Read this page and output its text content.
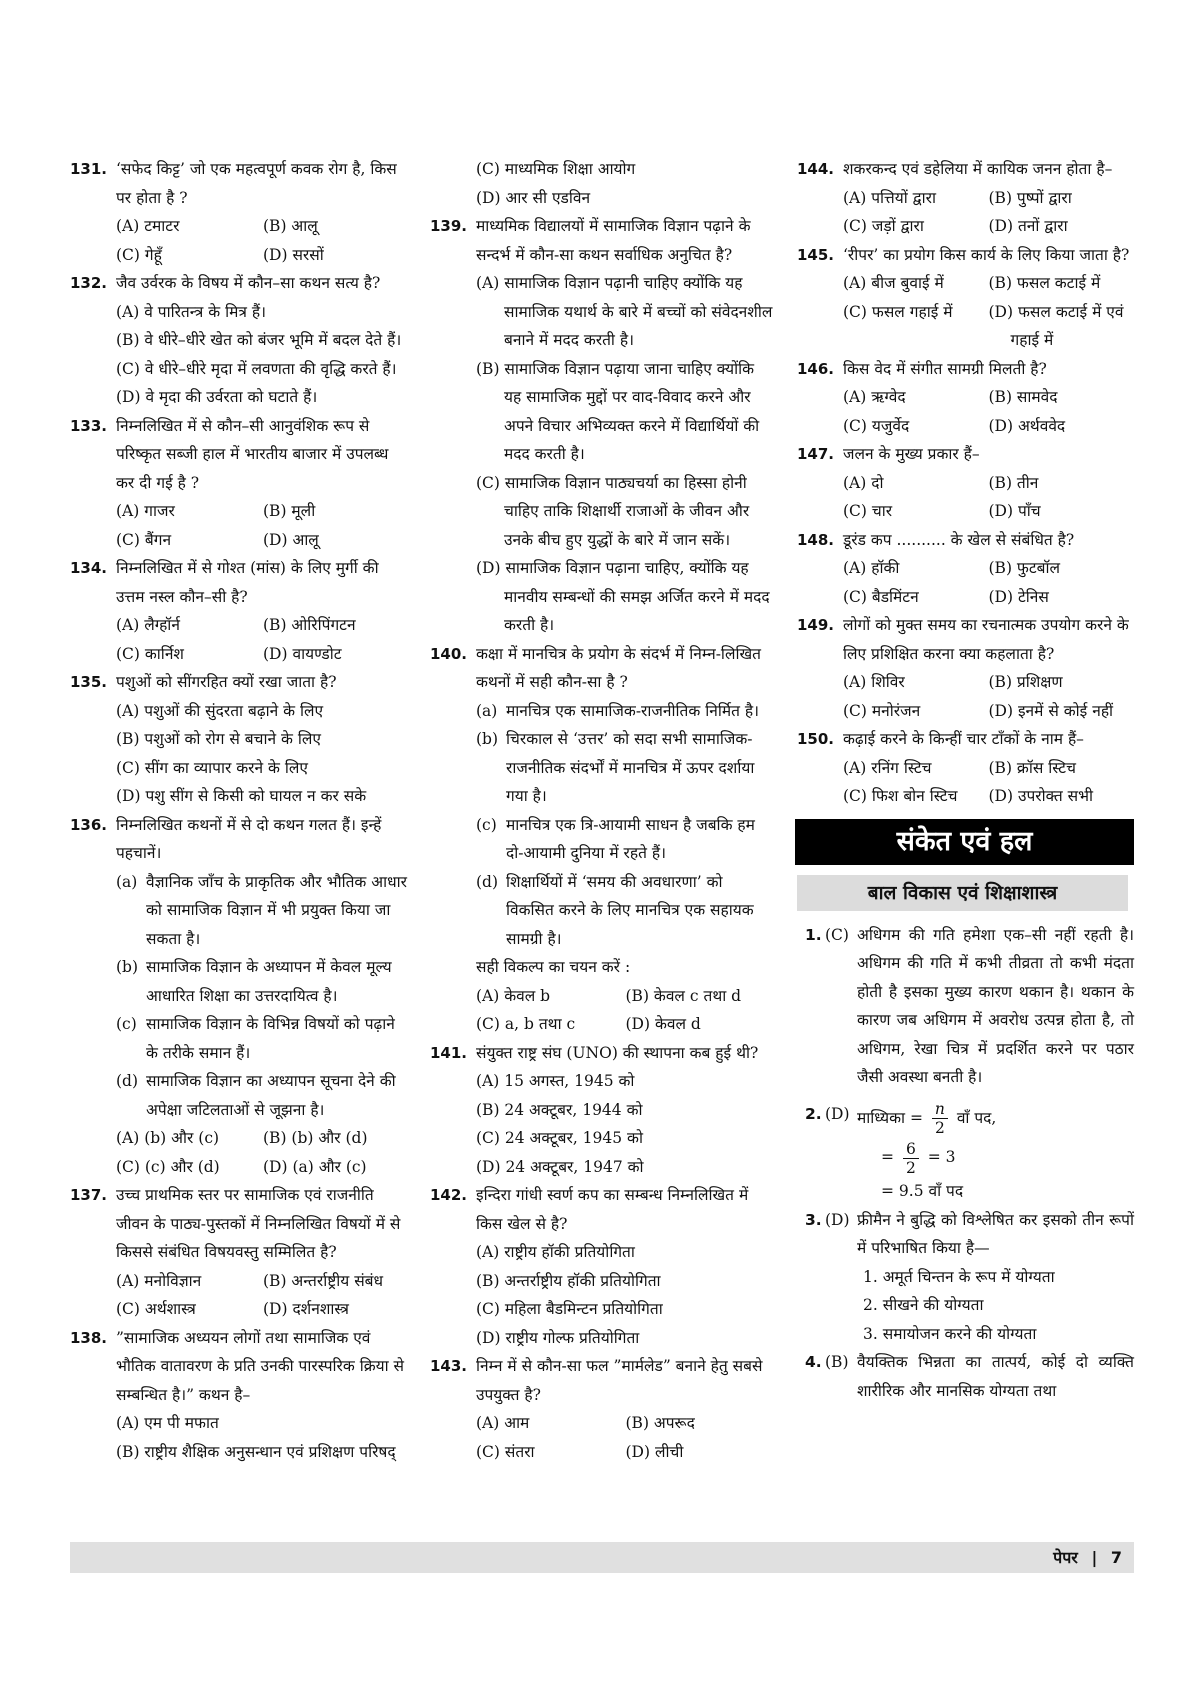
131. ‘सफेद किट्ट’ जो एक महत्वपूर्ण कवक रोग है, किस पर होता है ?
(A) टमाटर	(B) आलू
(C) गेहूँ	(D) सरसों
132. जैव उर्वरक के विषय में कौन–सा कथन सत्य है?
(A) वे पारितन्त्र के मित्र हैं।
(B) वे धीरे–धीरे खेत को बंजर भूमि में बदल देते हैं।
(C) वे धीरे–धीरे मृदा में लवणता की वृद्धि करते हैं।
(D) वे मृदा की उर्वरता को घटाते हैं।
133. निम्नलिखित में से कौन–सी आनुवंशिक रूप से परिष्कृत सब्जी हाल में भारतीय बाजार में उपलब्ध कर दी गई है ?
(A) गाजर	(B) मूली
(C) बैंगन	(D) आलू
134. निम्नलिखित में से गोश्त (मांस) के लिए मुर्गी की उत्तम नस्ल कौन–सी है?
(A) लैग्हॉर्न	(B) ओरिपिंगटन
(C) कार्निश	(D) वायण्डोट
135. पशुओं को सींगरहित क्यों रखा जाता है?
(A) पशुओं की सुंदरता बढ़ाने के लिए
(B) पशुओं को रोग से बचाने के लिए
(C) सींग का व्यापार करने के लिए
(D) पशु सींग से किसी को घायल न कर सके
136. निम्नलिखित कथनों में से दो कथन गलत हैं। इन्हें पहचानें।
(a) वैज्ञानिक जाँच के प्राकृतिक और भौतिक आधार को सामाजिक विज्ञान में भी प्रयुक्त किया जा सकता है।
(b) सामाजिक विज्ञान के अध्यापन में केवल मूल्य आधारित शिक्षा का उत्तरदायित्व है।
(c) सामाजिक विज्ञान के विभिन्न विषयों को पढ़ाने के तरीके समान हैं।
(d) सामाजिक विज्ञान का अध्यापन सूचना देने की अपेक्षा जटिलताओं से जूझना है।
(A) (b) और (c)	(B) (b) और (d)
(C) (c) और (d)	(D) (a) और (c)
137. उच्च प्राथमिक स्तर पर सामाजिक एवं राजनीति जीवन के पाठ्य-पुस्तकों में निम्नलिखित विषयों में से किससे संबंधित विषयवस्तु सम्मिलित है?
(A) मनोविज्ञान	(B) अन्तर्राष्ट्रीय संबंध
(C) अर्थशास्त्र	(D) दर्शनशास्त्र
138. ”सामाजिक अध्ययन लोगों तथा सामाजिक एवं भौतिक वातावरण के प्रति उनकी पारस्परिक क्रिया से सम्बन्धित है।” कथन है–
(A) एम पी मफात
(B) राष्ट्रीय शैक्षिक अनुसन्धान एवं प्रशिक्षण परिषद्
(C) माध्यमिक शिक्षा आयोग
(D) आर सी एडविन
139. माध्यमिक विद्यालयों में सामाजिक विज्ञान पढ़ाने के सन्दर्भ में कौन-सा कथन सर्वाधिक अनुचित है?
(A) सामाजिक विज्ञान पढ़ानी चाहिए क्योंकि यह सामाजिक यथार्थ के बारे में बच्चों को संवेदनशील बनाने में मदद करती है।
(B) सामाजिक विज्ञान पढ़ाया जाना चाहिए क्योंकि यह सामाजिक मुद्दों पर वाद-विवाद करने और अपने विचार अभिव्यक्त करने में विद्यार्थियों की मदद करती है।
(C) सामाजिक विज्ञान पाठ्यचर्या का हिस्सा होनी चाहिए ताकि शिक्षार्थी राजाओं के जीवन और उनके बीच हुए युद्धों के बारे में जान सकें।
(D) सामाजिक विज्ञान पढ़ाना चाहिए, क्योंकि यह मानवीय सम्बन्धों की समझ अर्जित करने में मदद करती है।
140. कक्षा में मानचित्र के प्रयोग के संदर्भ में निम्न-लिखित कथनों में सही कौन-सा है ?
(a) मानचित्र एक सामाजिक-राजनीतिक निर्मित है।
(b) चिरकाल से ‘उत्तर’ को सदा सभी सामाजिक-राजनीतिक संदर्भों में मानचित्र में ऊपर दर्शाया गया है।
(c) मानचित्र एक त्रि-आयामी साधन है जबकि हम दो-आयामी दुनिया में रहते हैं।
(d) शिक्षार्थियों में ‘समय की अवधारणा’ को विकसित करने के लिए मानचित्र एक सहायक सामग्री है।
सही विकल्प का चयन करें :
(A) केवल b	(B) केवल c तथा d
(C) a, b तथा c	(D) केवल d
141. संयुक्त राष्ट्र संघ (UNO) की स्थापना कब हुई थी?
(A) 15 अगस्त, 1945 को
(B) 24 अक्टूबर, 1944 को
(C) 24 अक्टूबर, 1945 को
(D) 24 अक्टूबर, 1947 को
142. इन्दिरा गांधी स्वर्ण कप का सम्बन्ध निम्नलिखित में किस खेल से है?
(A) राष्ट्रीय हॉकी प्रतियोगिता
(B) अन्तर्राष्ट्रीय हॉकी प्रतियोगिता
(C) महिला बैडमिन्टन प्रतियोगिता
(D) राष्ट्रीय गोल्फ प्रतियोगिता
143. निम्न में से कौन-सा फल ”मार्मलेड” बनाने हेतु सबसे उपयुक्त है?
(A) आम	(B) अपरूद
(C) संतरा	(D) लीची
144. शकरकन्द एवं डहेलिया में कायिक जनन होता है–
(A) पत्तियों द्वारा	(B) पुष्पों द्वारा
(C) जड़ों द्वारा	(D) तनों द्वारा
145. ‘रीपर’ का प्रयोग किस कार्य के लिए किया जाता है?
(A) बीज बुवाई में	(B) फसल कटाई में
(C) फसल गहाई में	(D) फसल कटाई में एवं गहाई में
146. किस वेद में संगीत सामग्री मिलती है?
(A) ऋग्वेद	(B) सामवेद
(C) यजुर्वेद	(D) अर्थववेद
147. जलन के मुख्य प्रकार हैं–
(A) दो	(B) तीन
(C) चार	(D) पाँच
148. डूरंड कप .......... के खेल से संबंधित है?
(A) हॉकी	(B) फुटबॉल
(C) बैडमिंटन	(D) टेनिस
149. लोगों को मुक्त समय का रचनात्मक उपयोग करने के लिए प्रशिक्षित करना क्या कहलाता है?
(A) शिविर	(B) प्रशिक्षण
(C) मनोरंजन	(D) इनमें से कोई नहीं
150. कढ़ाई करने के किन्हीं चार टाँकों के नाम हैं–
(A) रनिंग स्टिच	(B) क्रॉस स्टिच
(C) फिश बोन स्टिच	(D) उपरोक्त सभी
संकेत एवं हल
बाल विकास एवं शिक्षाशास्त्र
1. (C) अधिगम की गति हमेशा एक–सी नहीं रहती है। अधिगम की गति में कभी तीव्रता तो कभी मंदता होती है इसका मुख्य कारण थकान है। थकान के कारण जब अधिगम में अवरोध उत्पन्न होता है, तो अधिगम, रेखा चित्र में प्रदर्शित करने पर पठार जैसी अवस्था बनती है।
2. (D) माध्यिका = $\frac{n}{2}$ वाँ पद,
= $\frac{6}{2} = 3$
= 9.5 वाँ पद
3. (D) फ्रीमैन ने बुद्धि को विश्लेषित कर इसको तीन रूपों में परिभाषित किया है—
1. अमूर्त चिन्तन के रूप में योग्यता
2. सीखने की योग्यता
3. समायोजन करने की योग्यता
4. (B) वैयक्तिक भिन्नता का तात्पर्य, कोई दो व्यक्ति शारीरिक और मानसिक योग्यता तथा
पेपर | 7
